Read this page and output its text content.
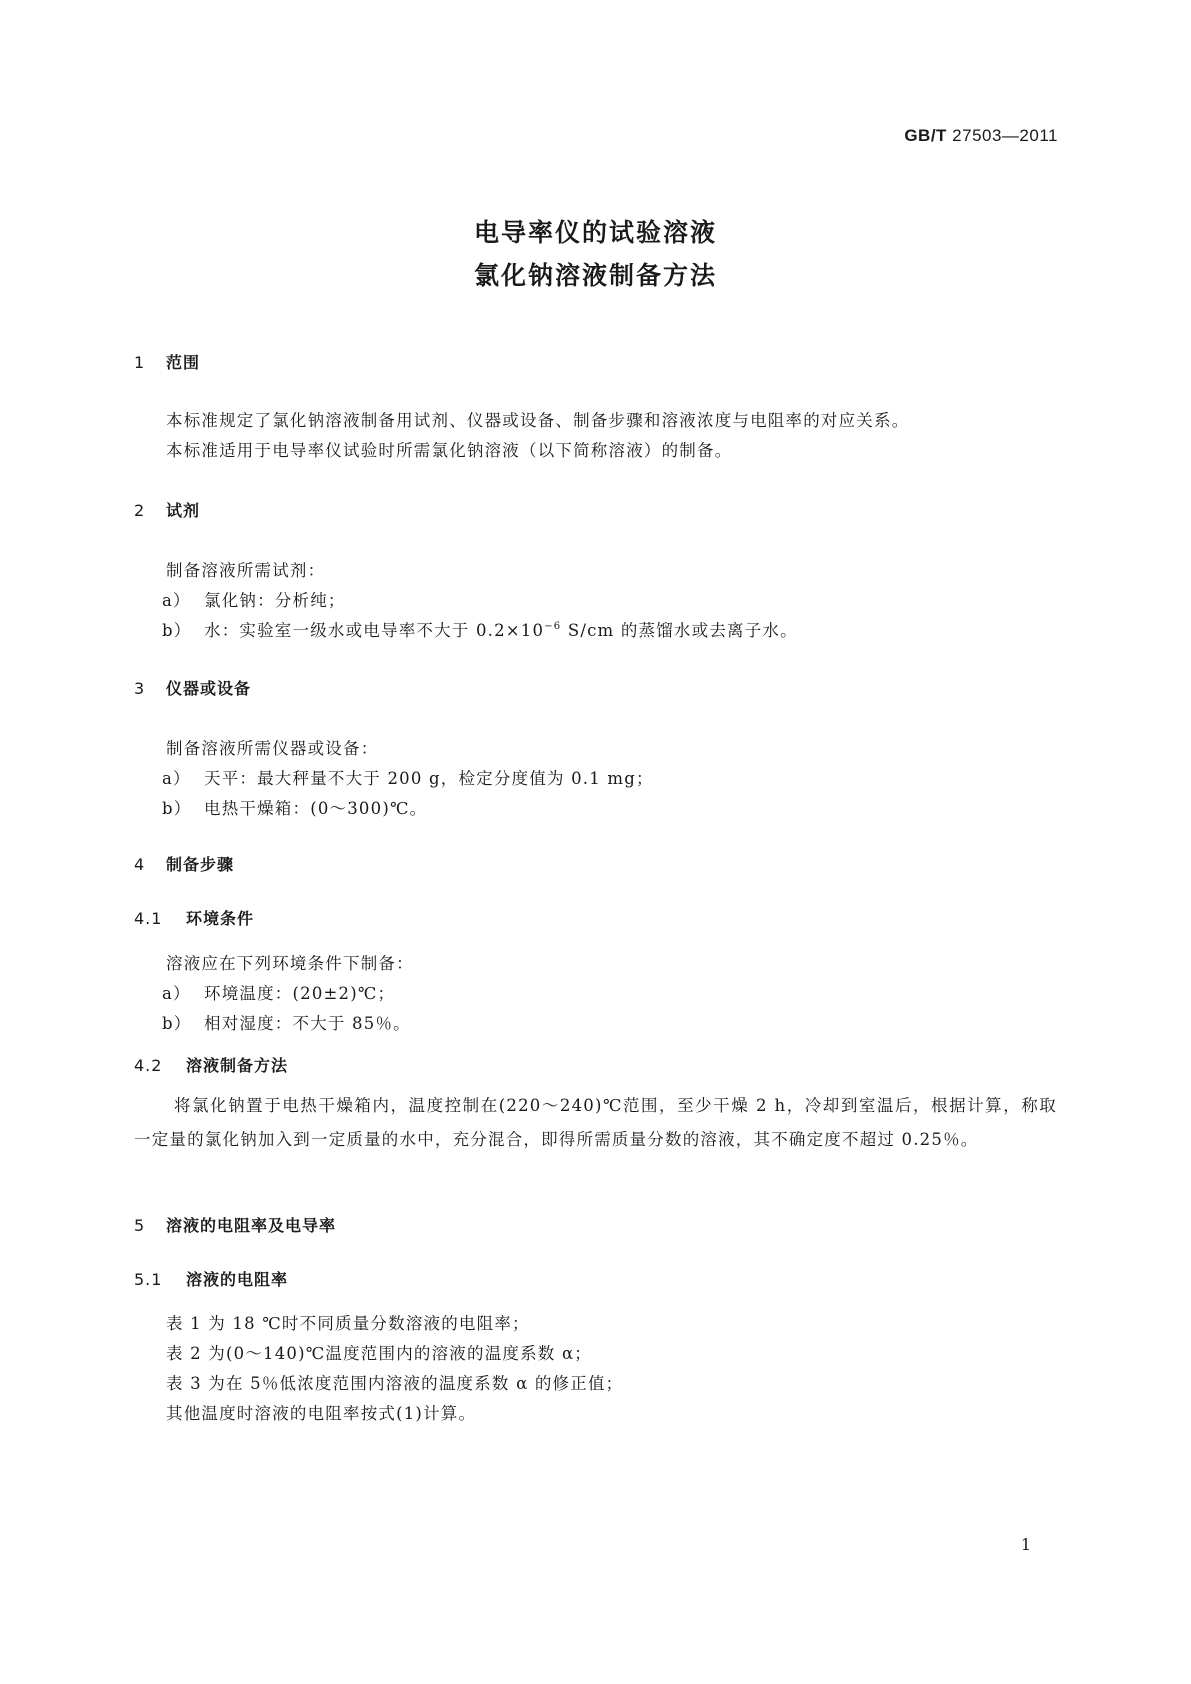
GB/T 27503—2011
电导率仪的试验溶液
氯化钠溶液制备方法
1 范围
本标准规定了氯化钠溶液制备用试剂、仪器或设备、制备步骤和溶液浓度与电阻率的对应关系。
本标准适用于电导率仪试验时所需氯化钠溶液（以下简称溶液）的制备。
2 试剂
制备溶液所需试剂：
a） 氯化钠：分析纯；
b） 水：实验室一级水或电导率不大于 $0.2\times 10^{-6}$ S/cm 的蒸馏水或去离子水。
3 仪器或设备
制备溶液所需仪器或设备：
a） 天平：最大秤量不大于 200 g，检定分度值为 0.1 mg；
b） 电热干燥箱：(0～300)℃。
4 制备步骤
4.1 环境条件
溶液应在下列环境条件下制备：
a） 环境温度：(20±2)℃；
b） 相对湿度：不大于 85％。
4.2 溶液制备方法
将氯化钠置于电热干燥箱内，温度控制在(220～240)℃范围，至少干燥 2 h，冷却到室温后，根据计算，称取一定量的氯化钠加入到一定质量的水中，充分混合，即得所需质量分数的溶液，其不确定度不超过 0.25％。
5 溶液的电阻率及电导率
5.1 溶液的电阻率
表 1 为 18 ℃时不同质量分数溶液的电阻率；
表 2 为(0～140)℃温度范围内的溶液的温度系数 α；
表 3 为在 5％低浓度范围内溶液的温度系数 α 的修正值；
其他温度时溶液的电阻率按式(1)计算。
1
